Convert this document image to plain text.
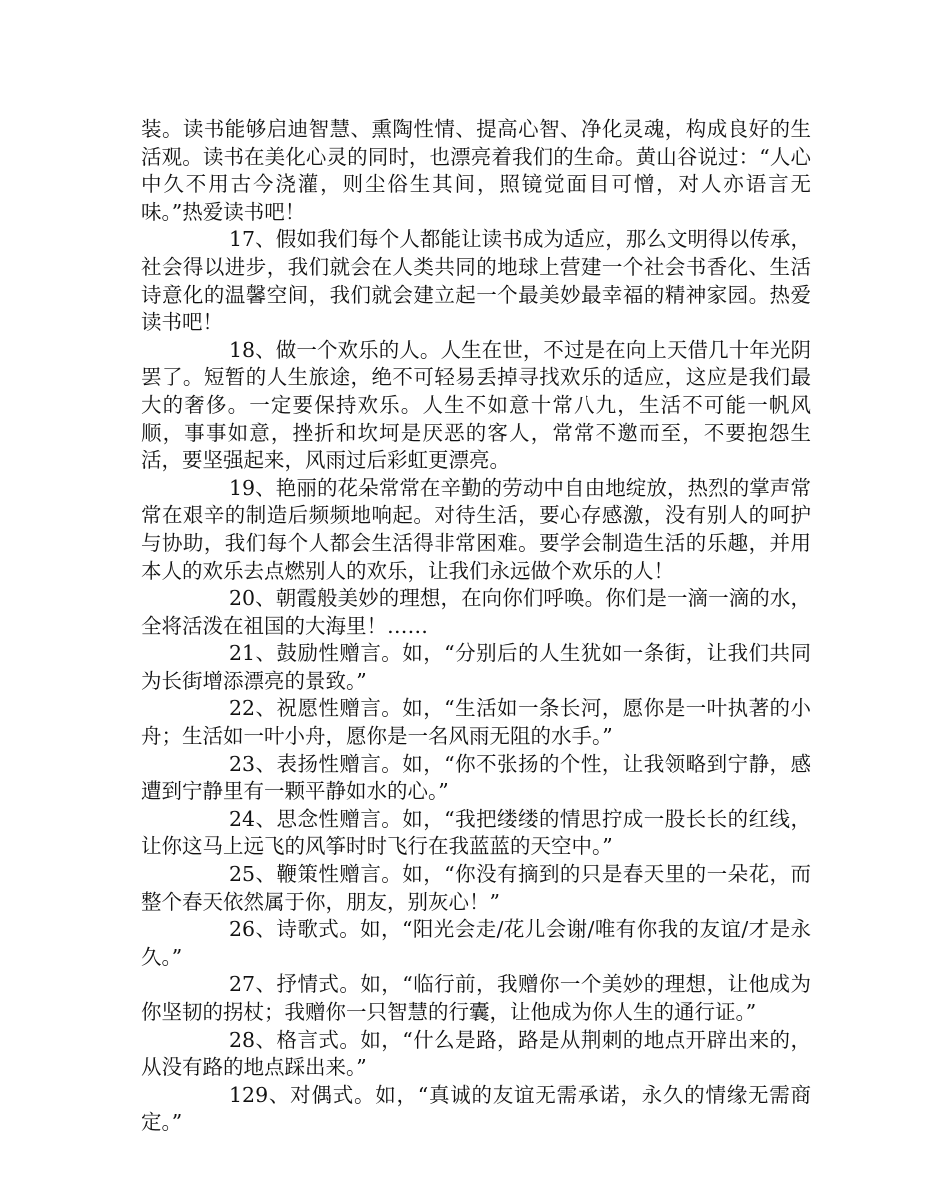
装。读书能够启迪智慧、熏陶性情、提高心智、净化灵魂，构成良好的生活观。读书在美化心灵的同时，也漂亮着我们的生命。黄山谷说过：“人心中久不用古今浇灌，则尘俗生其间，照镜觉面目可憎，对人亦语言无味。”热爱读书吧！

17、假如我们每个人都能让读书成为适应，那么文明得以传承，社会得以进步，我们就会在人类共同的地球上营建一个社会书香化、生活诗意化的温馨空间，我们就会建立起一个最美妙最幸福的精神家园。热爱读书吧！

18、做一个欢乐的人。人生在世，不过是在向上天借几十年光阴罢了。短暂的人生旅途，绝不可轻易丢掉寻找欢乐的适应，这应是我们最大的奢侈。一定要保持欢乐。人生不如意十常八九，生活不可能一帆风顺，事事如意，挫折和坎坷是厌恶的客人，常常不邀而至，不要抱怨生活，要坚强起来，风雨过后彩虹更漂亮。

19、艳丽的花朵常常在辛勤的劳动中自由地绽放，热烈的掌声常常在艰辛的制造后频频地响起。对待生活，要心存感激，没有别人的呵护与协助，我们每个人都会生活得非常困难。要学会制造生活的乐趣，并用本人的欢乐去点燃别人的欢乐，让我们永远做个欢乐的人！

20、朝霞般美妙的理想，在向你们呼唤。你们是一滴一滴的水，全将活泼在祖国的大海里！……

21、鼓励性赠言。如，“分别后的人生犹如一条街，让我们共同为长街增添漂亮的景致。”

22、祝愿性赠言。如，“生活如一条长河，愿你是一叶执著的小舟；生活如一叶小舟，愿你是一名风雨无阻的水手。”

23、表扬性赠言。如，“你不张扬的个性，让我领略到宁静，感遭到宁静里有一颗平静如水的心。”

24、思念性赠言。如，“我把缕缕的情思拧成一股长长的红线，让你这马上远飞的风筝时时飞行在我蓝蓝的天空中。”

25、鞭策性赠言。如，“你没有摘到的只是春天里的一朵花，而整个春天依然属于你，朋友，别灰心！”

26、诗歌式。如，“阳光会走/花儿会谢/唯有你我的友谊/才是永久。”

27、抒情式。如，“临行前，我赠你一个美妙的理想，让他成为你坚韧的拐杖；我赠你一只智慧的行囊，让他成为你人生的通行证。”

28、格言式。如，“什么是路，路是从荆刺的地点开辟出来的，从没有路的地点踩出来。”

129、对偶式。如，“真诚的友谊无需承诺，永久的情缘无需商定。”
